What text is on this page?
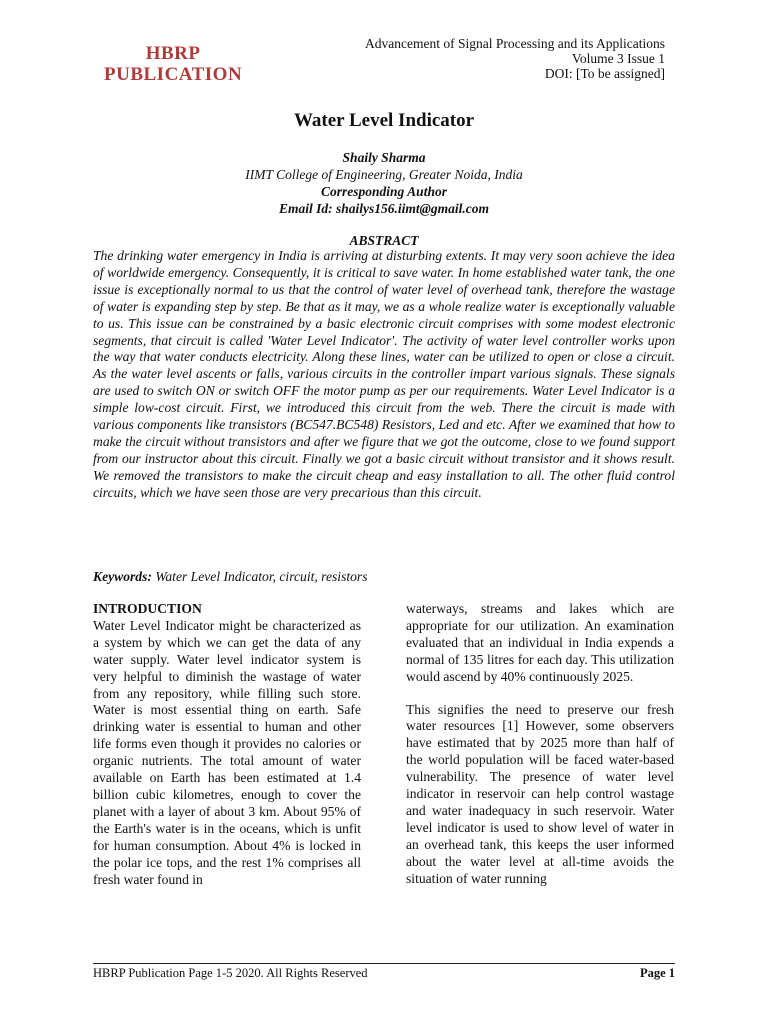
HBRP
PUBLICATION
Advancement of Signal Processing and its Applications
Volume 3 Issue 1
DOI: [To be assigned]
Water Level Indicator
Shaily Sharma
IIMT College of Engineering, Greater Noida, India
Corresponding Author
Email Id: shailys156.iimt@gmail.com
ABSTRACT

The drinking water emergency in India is arriving at disturbing extents. It may very soon achieve the idea of worldwide emergency. Consequently, it is critical to save water. In home established water tank, the one issue is exceptionally normal to us that the control of water level of overhead tank, therefore the wastage of water is expanding step by step. Be that as it may, we as a whole realize water is exceptionally valuable to us. This issue can be constrained by a basic electronic circuit comprises with some modest electronic segments, that circuit is called 'Water Level Indicator'. The activity of water level controller works upon the way that water conducts electricity. Along these lines, water can be utilized to open or close a circuit. As the water level ascents or falls, various circuits in the controller impart various signals. These signals are used to switch ON or switch OFF the motor pump as per our requirements. Water Level Indicator is a simple low-cost circuit. First, we introduced this circuit from the web. There the circuit is made with various components like transistors (BC547.BC548) Resistors, Led and etc. After we examined that how to make the circuit without transistors and after we figure that we got the outcome, close to we found support from our instructor about this circuit. Finally we got a basic circuit without transistor and it shows result. We removed the transistors to make the circuit cheap and easy installation to all. The other fluid control circuits, which we have seen those are very precarious than this circuit.

Keywords: Water Level Indicator, circuit, resistors
INTRODUCTION

Water Level Indicator might be characterized as a system by which we can get the data of any water supply. Water level indicator system is very helpful to diminish the wastage of water from any repository, while filling such store. Water is most essential thing on earth. Safe drinking water is essential to human and other life forms even though it provides no calories or organic nutrients. The total amount of water available on Earth has been estimated at 1.4 billion cubic kilometres, enough to cover the planet with a layer of about 3 km. About 95% of the Earth's water is in the oceans, which is unfit for human consumption. About 4% is locked in the polar ice tops, and the rest 1% comprises all fresh water found in

waterways, streams and lakes which are appropriate for our utilization. An examination evaluated that an individual in India expends a normal of 135 litres for each day. This utilization would ascend by 40% continuously 2025.

This signifies the need to preserve our fresh water resources [1] However, some observers have estimated that by 2025 more than half of the world population will be faced water-based vulnerability. The presence of water level indicator in reservoir can help control wastage and water inadequacy in such reservoir. Water level indicator is used to show level of water in an overhead tank, this keeps the user informed about the water level at all-time avoids the situation of water running

HBRP Publication Page 1-5 2020. All Rights Reserved	Page 1
